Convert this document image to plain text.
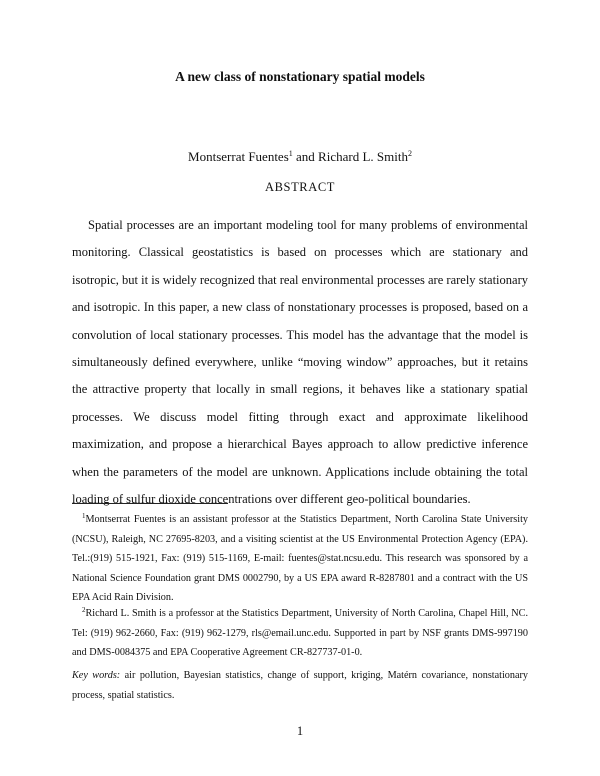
A new class of nonstationary spatial models
Montserrat Fuentes$^1$ and Richard L. Smith$^2$
ABSTRACT

Spatial processes are an important modeling tool for many problems of environmental monitoring. Classical geostatistics is based on processes which are stationary and isotropic, but it is widely recognized that real environmental processes are rarely stationary and isotropic. In this paper, a new class of nonstationary processes is proposed, based on a convolution of local stationary processes. This model has the advantage that the model is simultaneously defined everywhere, unlike “moving window” approaches, but it retains the attractive property that locally in small regions, it behaves like a stationary spatial processes. We discuss model fitting through exact and approximate likelihood maximization, and propose a hierarchical Bayes approach to allow predictive inference when the parameters of the model are unknown. Applications include obtaining the total loading of sulfur dioxide concentrations over different geo-political boundaries.

$^1$Montserrat Fuentes is an assistant professor at the Statistics Department, North Carolina State University (NCSU), Raleigh, NC 27695-8203, and a visiting scientist at the US Environmental Protection Agency (EPA). Tel.:(919) 515-1921, Fax: (919) 515-1169, E-mail: fuentes@stat.ncsu.edu. This research was sponsored by a National Science Foundation grant DMS 0002790, by a US EPA award R-8287801 and a contract with the US EPA Acid Rain Division.

$^2$Richard L. Smith is a professor at the Statistics Department, University of North Carolina, Chapel Hill, NC. Tel: (919) 962-2660, Fax: (919) 962-1279, rls@email.unc.edu. Supported in part by NSF grants DMS-997190 and DMS-0084375 and EPA Cooperative Agreement CR-827737-01-0.

Key words: air pollution, Bayesian statistics, change of support, kriging, Matérn covariance, nonstationary process, spatial statistics.

1
